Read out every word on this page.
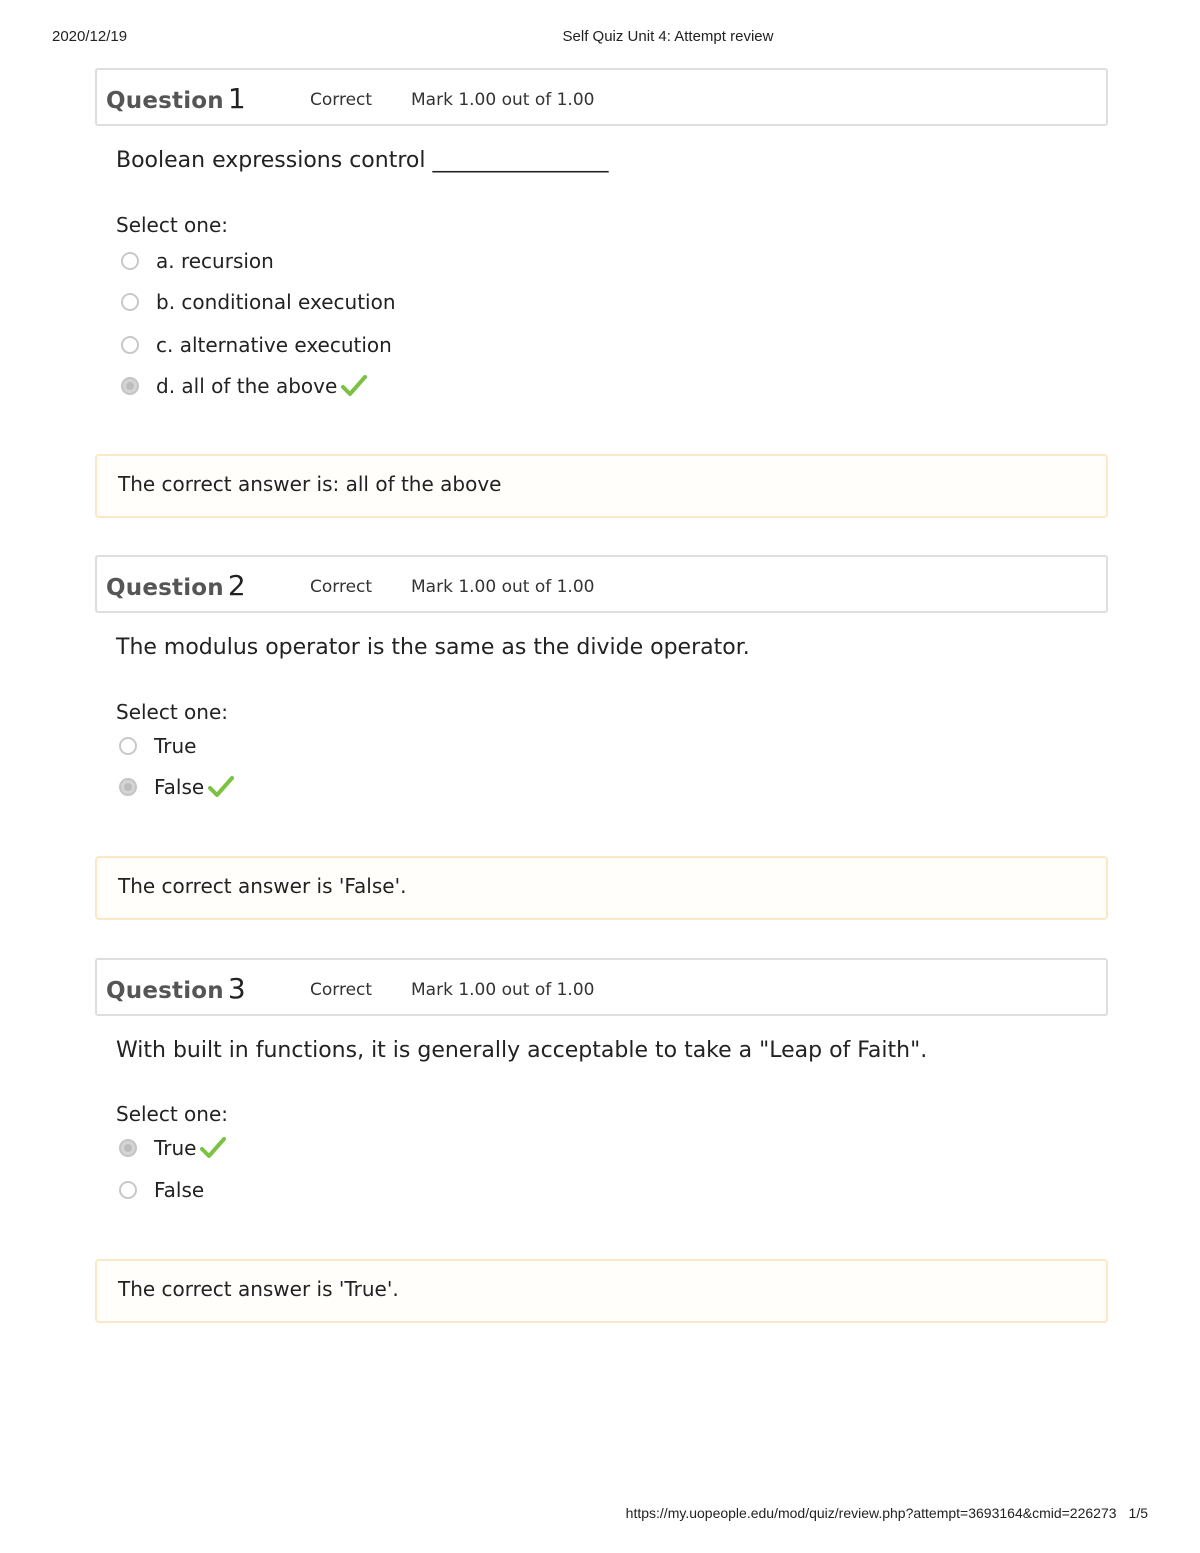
2020/12/19	Self Quiz Unit 4: Attempt review
Question 1	Correct Mark 1.00 out of 1.00
Boolean expressions control ________________
Select one:
a. recursion
b. conditional execution
c. alternative execution
d. all of the above
The correct answer is: all of the above
Question 2	Correct Mark 1.00 out of 1.00
The modulus operator is the same as the divide operator.
Select one:
True
False
The correct answer is 'False'.
Question 3	Correct Mark 1.00 out of 1.00
With built in functions, it is generally acceptable to take a "Leap of Faith".
Select one:
True
False
The correct answer is 'True'.
https://my.uopeople.edu/mod/quiz/review.php?attempt=3693164&cmid=226273 1/5
